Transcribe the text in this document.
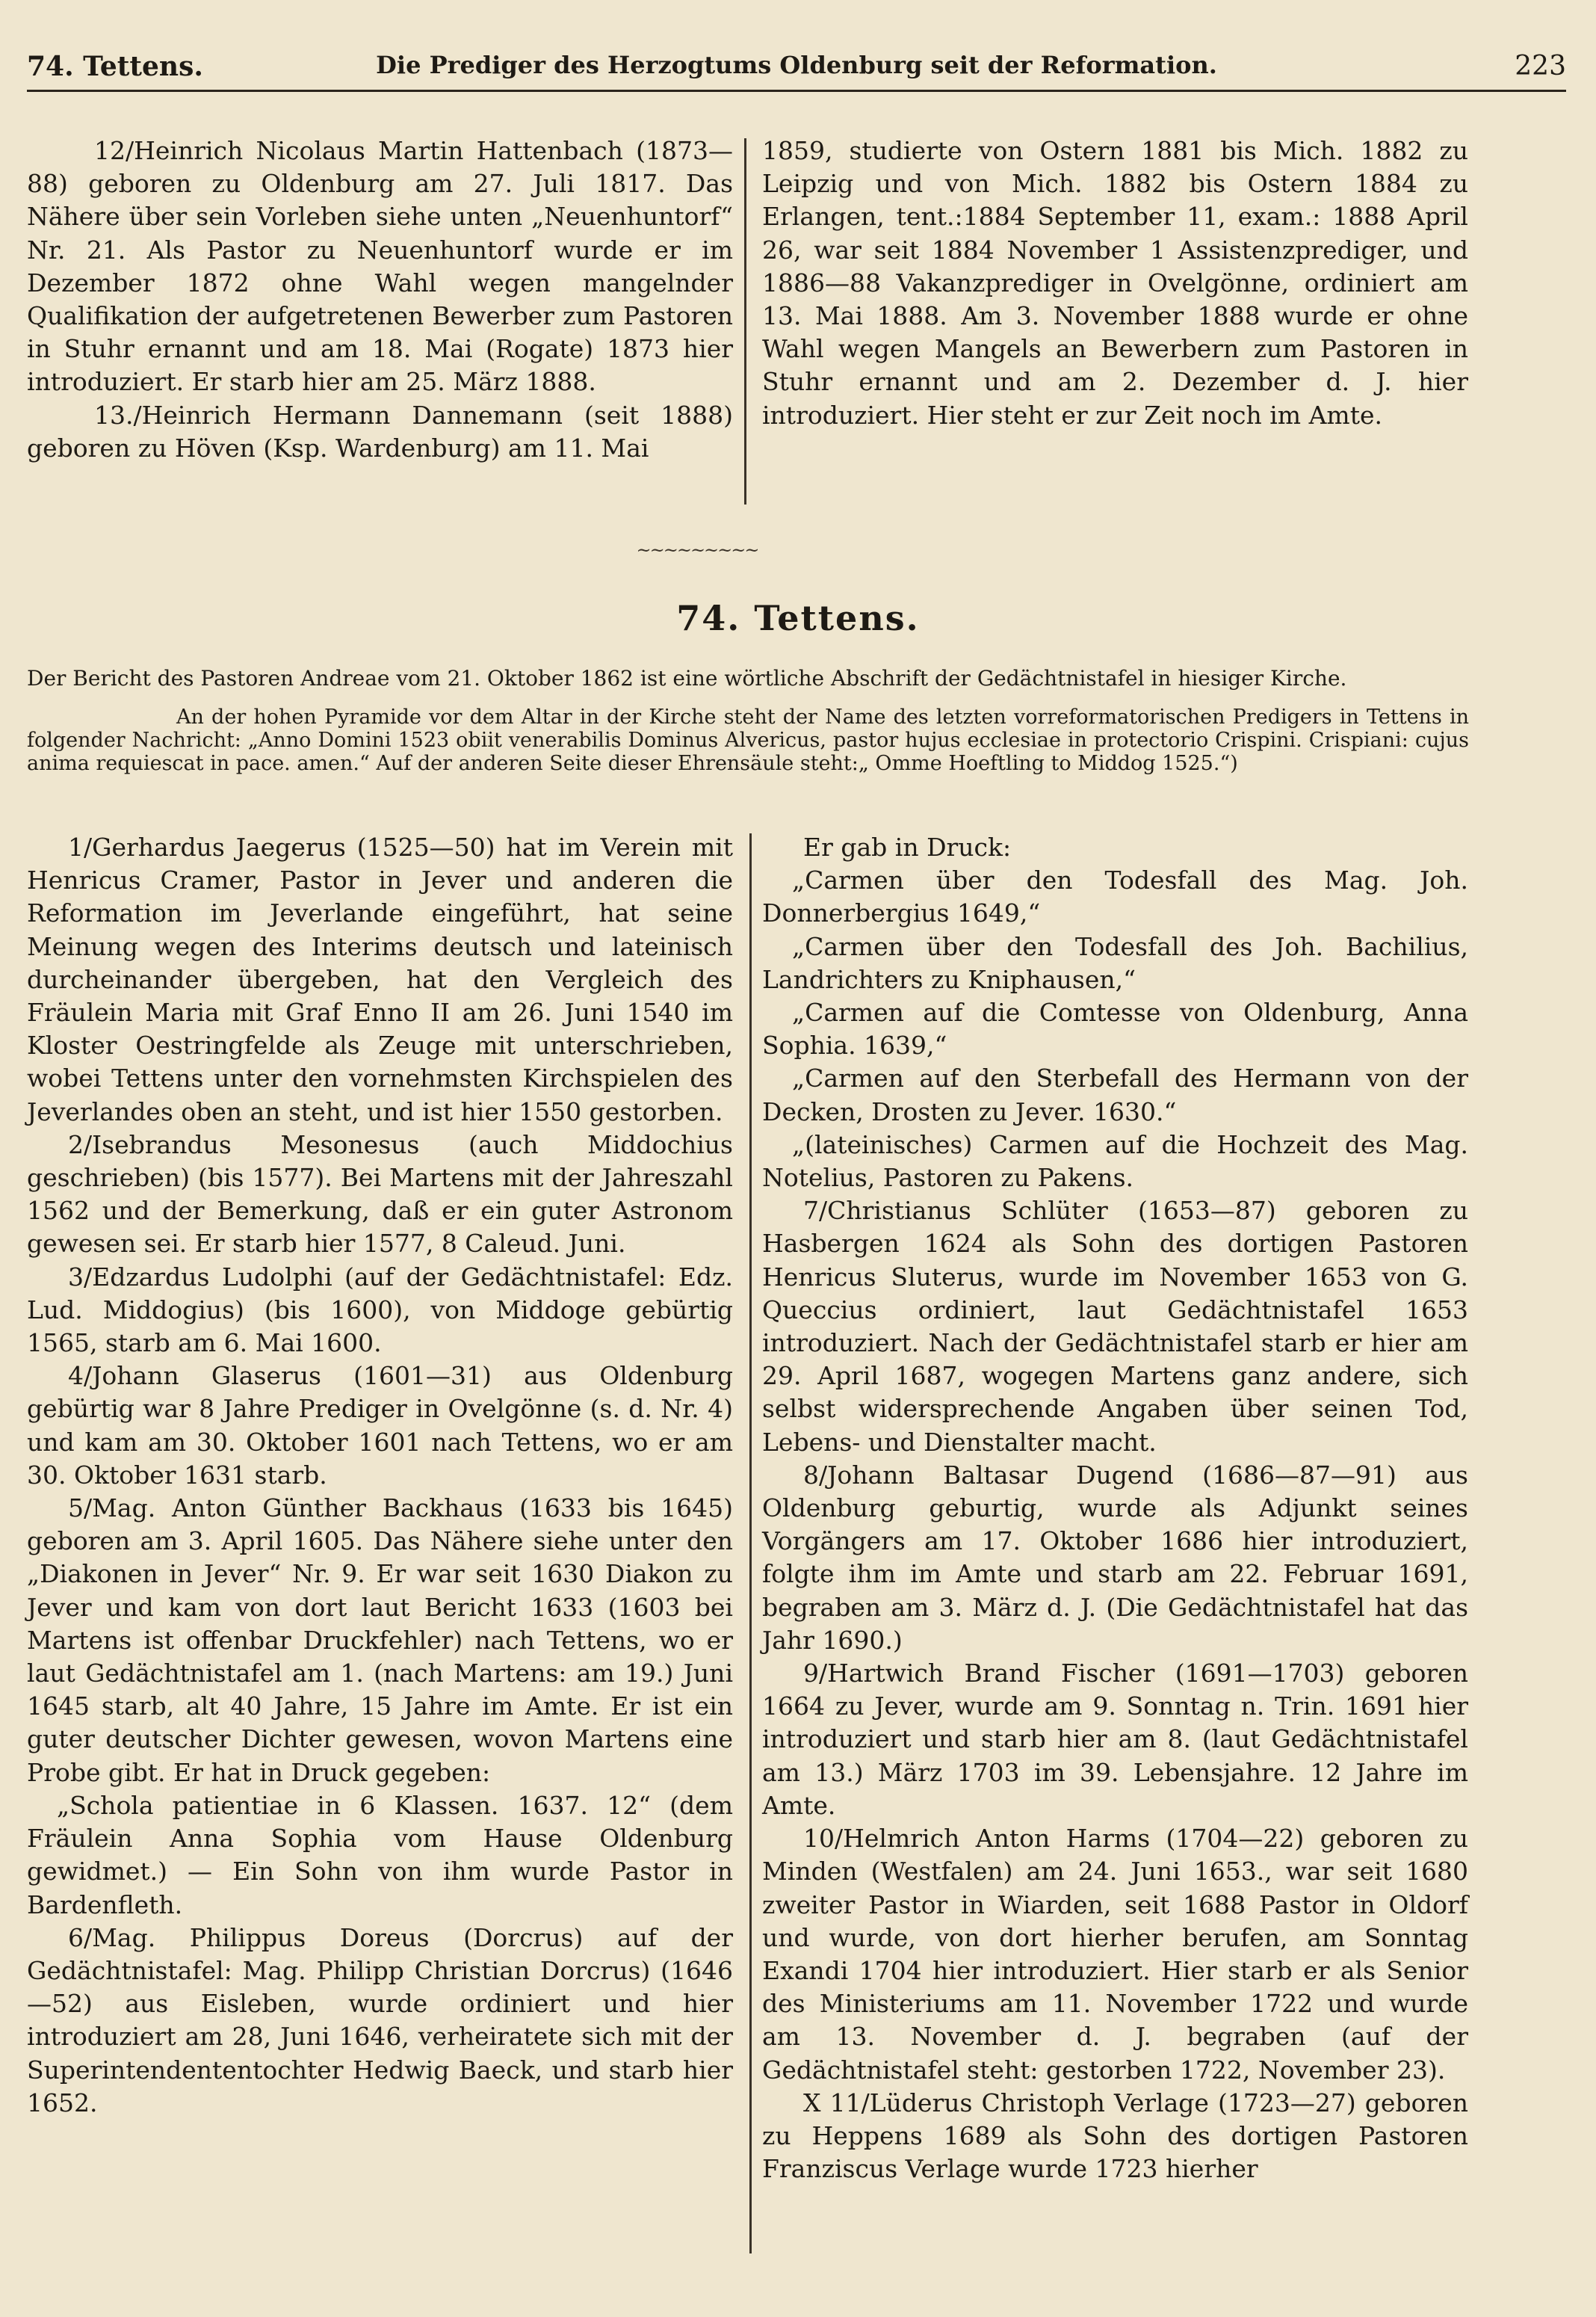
74. Tettens.	Die Prediger des Herzogtums Oldenburg seit der Reformation.	223

12/Heinrich Nicolaus Martin Hattenbach (1873—88) geboren zu Oldenburg am 27. Juli 1817. Das Nähere über sein Vorleben siehe unten „Neuenhuntorf“ Nr. 21. Als Pastor zu Neuenhuntorf wurde er im Dezember 1872 ohne Wahl wegen mangelnder Qualifikation der aufgetretenen Bewerber zum Pastoren in Stuhr ernannt und am 18. Mai (Rogate) 1873 hier introduziert. Er starb hier am 25. März 1888.

13./Heinrich Hermann Dannemann (seit 1888) geboren zu Höven (Ksp. Wardenburg) am 11. Mai

1859, studierte von Ostern 1881 bis Mich. 1882 zu Leipzig und von Mich. 1882 bis Ostern 1884 zu Erlangen, tent.:1884 September 11, exam.: 1888 April 26, war seit 1884 November 1 Assistenzprediger, und 1886—88 Vakanzprediger in Ovelgönne, ordiniert am 13. Mai 1888. Am 3. November 1888 wurde er ohne Wahl wegen Mangels an Bewerbern zum Pastoren in Stuhr ernannt und am 2. Dezember d. J. hier introduziert. Hier steht er zur Zeit noch im Amte.

~~~~~~~~~
74. Tettens.
Der Bericht des Pastoren Andreae vom 21. Oktober 1862 ist eine wörtliche Abschrift der Gedächtnistafel in hiesiger Kirche.
An der hohen Pyramide vor dem Altar in der Kirche steht der Name des letzten vorreformatorischen Predigers in Tettens in folgender Nachricht: „Anno Domini 1523 obiit venerabilis Dominus Alvericus, pastor hujus ecclesiae in protectorio Crispini. Crispiani: cujus anima requiescat in pace. amen.“ Auf der anderen Seite dieser Ehrensäule steht:„ Omme Hoeftling to Middog 1525.“)

1/Gerhardus Jaegerus (1525—50) hat im Verein mit Henricus Cramer, Pastor in Jever und anderen die Reformation im Jeverlande eingeführt, hat seine Meinung wegen des Interims deutsch und lateinisch durcheinander übergeben, hat den Vergleich des Fräulein Maria mit Graf Enno II am 26. Juni 1540 im Kloster Oestringfelde als Zeuge mit unterschrieben, wobei Tettens unter den vornehmsten Kirchspielen des Jeverlandes oben an steht, und ist hier 1550 gestorben.

2/Isebrandus Mesonesus (auch Middochius geschrieben) (bis 1577). Bei Martens mit der Jahreszahl 1562 und der Bemerkung, daß er ein guter Astronom gewesen sei. Er starb hier 1577, 8 Caleud. Juni.

3/Edzardus Ludolphi (auf der Gedächtnistafel: Edz. Lud. Middogius) (bis 1600), von Middoge gebürtig 1565, starb am 6. Mai 1600.

4/Johann Glaserus (1601—31) aus Oldenburg gebürtig war 8 Jahre Prediger in Ovelgönne (s. d. Nr. 4) und kam am 30. Oktober 1601 nach Tettens, wo er am 30. Oktober 1631 starb.

5/Mag. Anton Günther Backhaus (1633 bis 1645) geboren am 3. April 1605. Das Nähere siehe unter den „Diakonen in Jever“ Nr. 9. Er war seit 1630 Diakon zu Jever und kam von dort laut Bericht 1633 (1603 bei Martens ist offenbar Druckfehler) nach Tettens, wo er laut Gedächtnistafel am 1. (nach Martens: am 19.) Juni 1645 starb, alt 40 Jahre, 15 Jahre im Amte. Er ist ein guter deutscher Dichter gewesen, wovon Martens eine Probe gibt. Er hat in Druck gegeben:

„Schola patientiae in 6 Klassen. 1637. 12“ (dem Fräulein Anna Sophia vom Hause Oldenburg gewidmet.) — Ein Sohn von ihm wurde Pastor in Bardenfleth.

6/Mag. Philippus Doreus (Dorcrus) auf der Gedächtnistafel: Mag. Philipp Christian Dorcrus) (1646—52) aus Eisleben, wurde ordiniert und hier introduziert am 28, Juni 1646, verheiratete sich mit der Superintendententochter Hedwig Baeck, und starb hier 1652.

Er gab in Druck:

„Carmen über den Todesfall des Mag. Joh. Donnerbergius 1649,“

„Carmen über den Todesfall des Joh. Bachilius, Landrichters zu Kniphausen,“

„Carmen auf die Comtesse von Oldenburg, Anna Sophia. 1639,“

„Carmen auf den Sterbefall des Hermann von der Decken, Drosten zu Jever. 1630.“

„(lateinisches) Carmen auf die Hochzeit des Mag. Notelius, Pastoren zu Pakens.

7/Christianus Schlüter (1653—87) geboren zu Hasbergen 1624 als Sohn des dortigen Pastoren Henricus Sluterus, wurde im November 1653 von G. Queccius ordiniert, laut Gedächtnistafel 1653 introduziert. Nach der Gedächtnistafel starb er hier am 29. April 1687, wogegen Martens ganz andere, sich selbst widersprechende Angaben über seinen Tod, Lebens- und Dienstalter macht.

8/Johann Baltasar Dugend (1686—87—91) aus Oldenburg geburtig, wurde als Adjunkt seines Vorgängers am 17. Oktober 1686 hier introduziert, folgte ihm im Amte und starb am 22. Februar 1691, begraben am 3. März d. J. (Die Gedächtnistafel hat das Jahr 1690.)

9/Hartwich Brand Fischer (1691—1703) geboren 1664 zu Jever, wurde am 9. Sonntag n. Trin. 1691 hier introduziert und starb hier am 8. (laut Gedächtnistafel am 13.) März 1703 im 39. Lebensjahre. 12 Jahre im Amte.

10/Helmrich Anton Harms (1704—22) geboren zu Minden (Westfalen) am 24. Juni 1653., war seit 1680 zweiter Pastor in Wiarden, seit 1688 Pastor in Oldorf und wurde, von dort hierher berufen, am Sonntag Exandi 1704 hier introduziert. Hier starb er als Senior des Ministeriums am 11. November 1722 und wurde am 13. November d. J. begraben (auf der Gedächtnistafel steht: gestorben 1722, November 23).

X 11/Lüderus Christoph Verlage (1723—27) geboren zu Heppens 1689 als Sohn des dortigen Pastoren Franziscus Verlage wurde 1723 hierher
